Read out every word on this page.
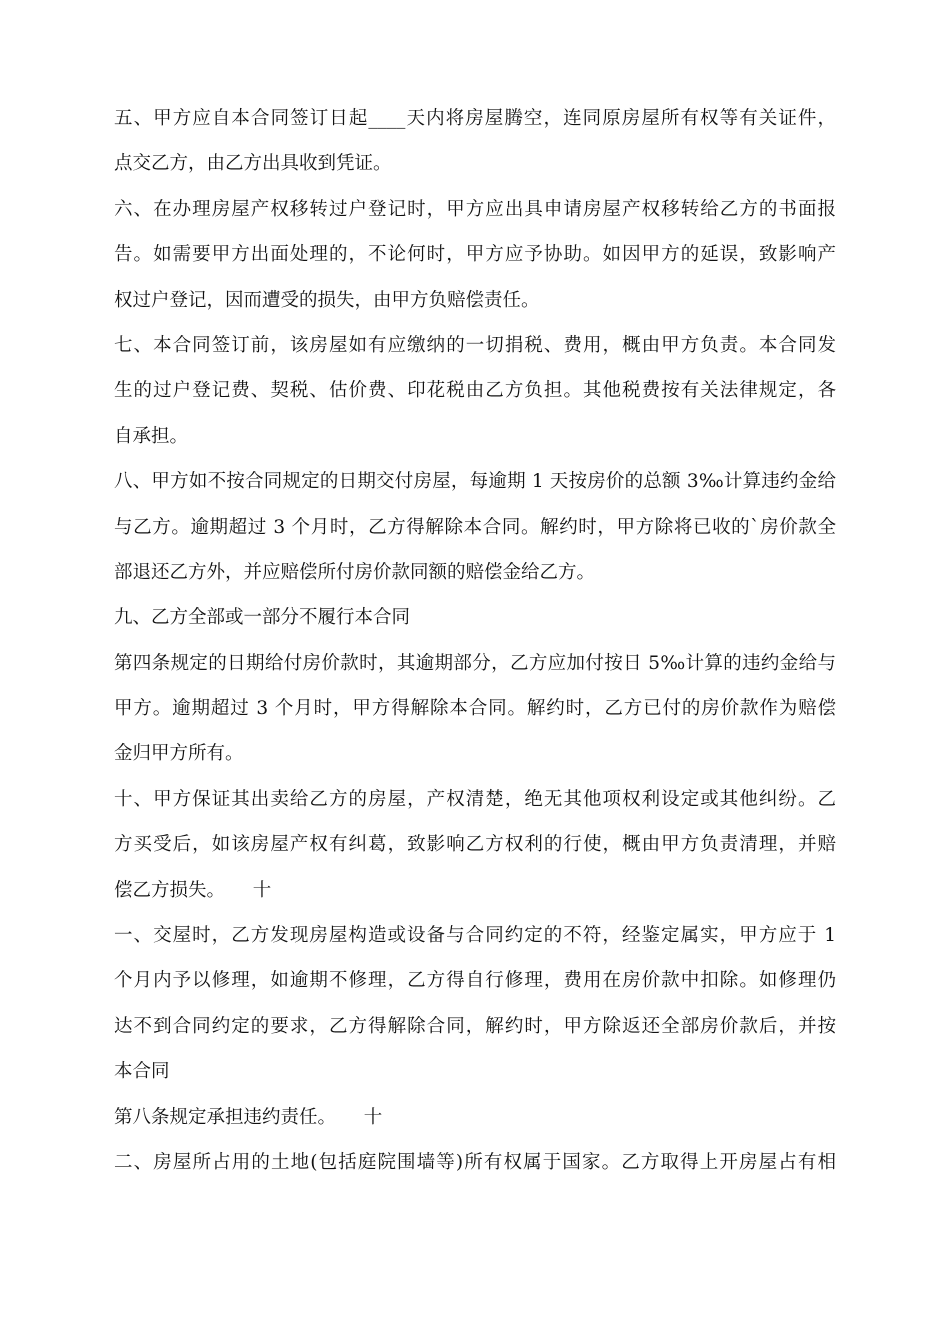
五、甲方应自本合同签订日起____天内将房屋腾空，连同原房屋所有权等有关证件，
点交乙方，由乙方出具收到凭证。
六、在办理房屋产权移转过户登记时，甲方应出具申请房屋产权移转给乙方的书面报
告。如需要甲方出面处理的，不论何时，甲方应予协助。如因甲方的延误，致影响产
权过户登记，因而遭受的损失，由甲方负赔偿责任。
七、本合同签订前，该房屋如有应缴纳的一切捐税、费用，概由甲方负责。本合同发
生的过户登记费、契税、估价费、印花税由乙方负担。其他税费按有关法律规定，各
自承担。
八、甲方如不按合同规定的日期交付房屋，每逾期 1 天按房价的总额 3‰计算违约金给
与乙方。逾期超过 3 个月时，乙方得解除本合同。解约时，甲方除将已收的`房价款全
部退还乙方外，并应赔偿所付房价款同额的赔偿金给乙方。
九、乙方全部或一部分不履行本合同
第四条规定的日期给付房价款时，其逾期部分，乙方应加付按日 5‰计算的违约金给与
甲方。逾期超过 3 个月时，甲方得解除本合同。解约时，乙方已付的房价款作为赔偿
金归甲方所有。
十、甲方保证其出卖给乙方的房屋，产权清楚，绝无其他项权利设定或其他纠纷。乙
方买受后，如该房屋产权有纠葛，致影响乙方权利的行使，概由甲方负责清理，并赔
偿乙方损失。　　十
一、交屋时，乙方发现房屋构造或设备与合同约定的不符，经鉴定属实，甲方应于 1
个月内予以修理，如逾期不修理，乙方得自行修理，费用在房价款中扣除。如修理仍
达不到合同约定的要求，乙方得解除合同，解约时，甲方除返还全部房价款后，并按
本合同
第八条规定承担违约责任。　　十
二、房屋所占用的土地(包括庭院围墙等)所有权属于国家。乙方取得上开房屋占有相
